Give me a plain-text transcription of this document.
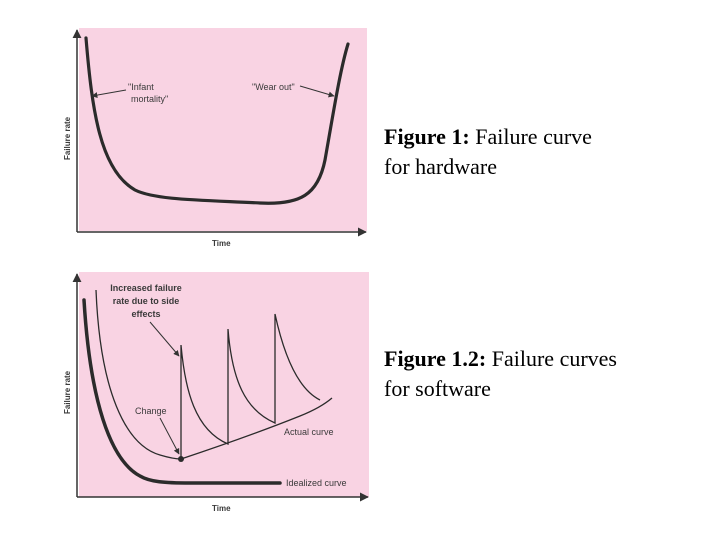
"Infant
mortality"
"Wear out"
Failure rate
Time
Increased failure
rate due to side
effects
Change
Actual curve
Idealized curve
Failure rate
Time
Figure 1: Failure curve
for hardware
Figure 1.2: Failure curves
for software
